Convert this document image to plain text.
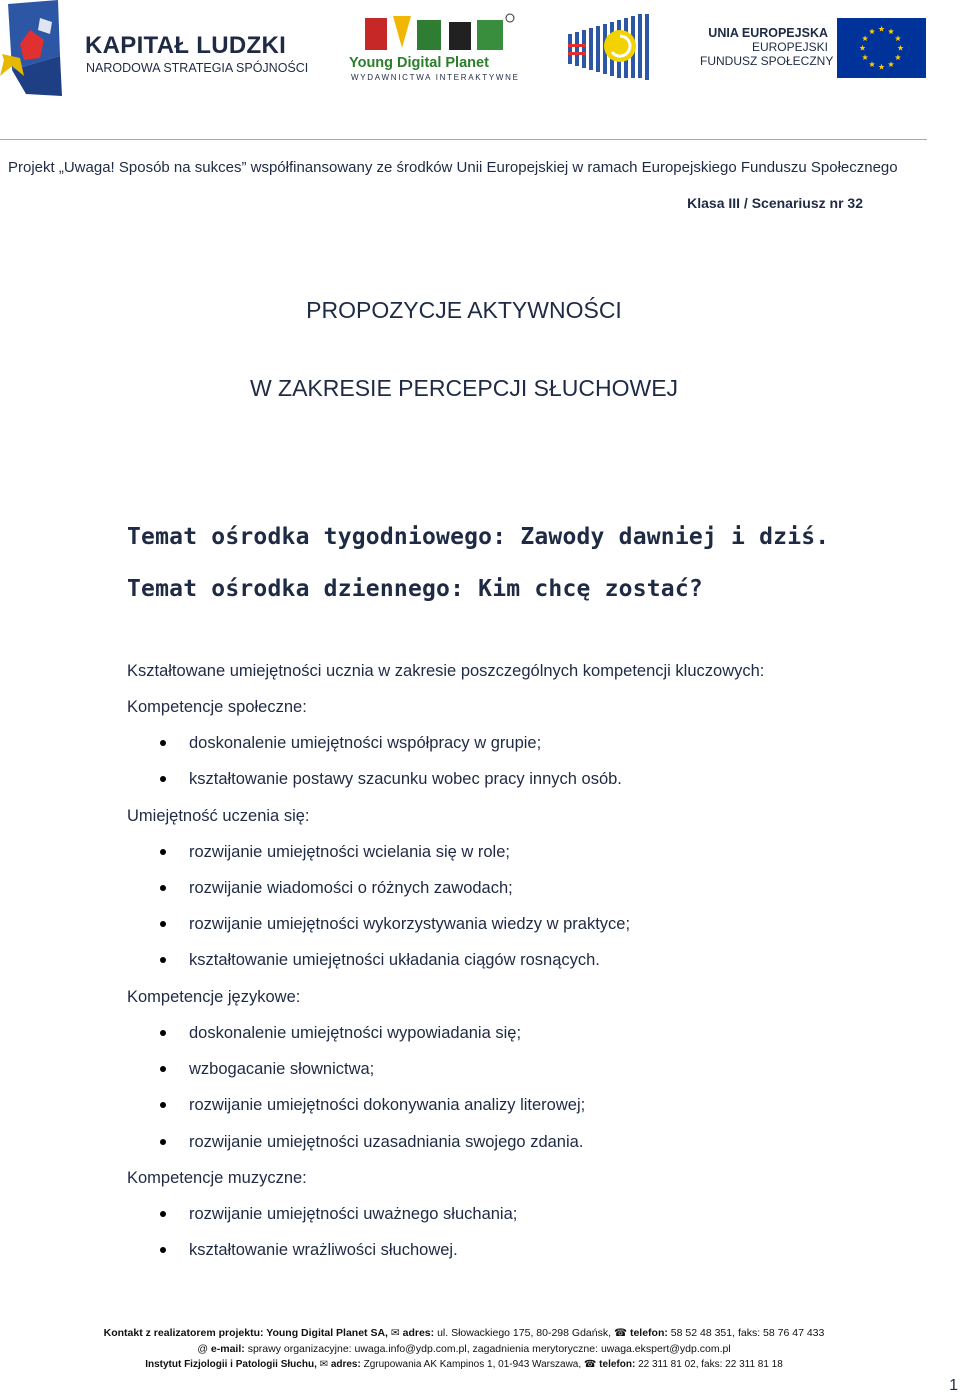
KAPITAŁ LUDZKI
NARODOWA STRATEGIA SPÓJNOŚCI	Young Digital Planet
WYDAWNICTWA INTERAKTYWNE
UNIA EUROPEJSKA
EUROPEJSKI
FUNDUSZ SPOŁECZNY
Projekt „Uwaga! Sposób na sukces” współfinansowany ze środków Unii Europejskiej w ramach Europejskiego Funduszu Społecznego
Klasa III / Scenariusz nr 32
PROPOZYCJE AKTYWNOŚCI
W ZAKRESIE PERCEPCJI SŁUCHOWEJ
Temat ośrodka tygodniowego: Zawody dawniej i dziś.
Temat ośrodka dziennego: Kim chcę zostać?
Kształtowane umiejętności ucznia w zakresie poszczególnych kompetencji kluczowych:
Kompetencje społeczne:
doskonalenie umiejętności współpracy w grupie;
kształtowanie postawy szacunku wobec pracy innych osób.
Umiejętność uczenia się:
rozwijanie umiejętności wcielania się w role;
rozwijanie wiadomości o różnych zawodach;
rozwijanie umiejętności wykorzystywania wiedzy w praktyce;
kształtowanie umiejętności układania ciągów rosnących.
Kompetencje językowe:
doskonalenie umiejętności wypowiadania się;
wzbogacanie słownictwa;
rozwijanie umiejętności dokonywania analizy literowej;
rozwijanie umiejętności uzasadniania swojego zdania.
Kompetencje muzyczne:
rozwijanie umiejętności uważnego słuchania;
kształtowanie wrażliwości słuchowej.
Kontakt z realizatorem projektu: Young Digital Planet SA, ✉ adres: ul. Słowackiego 175, 80-298 Gdańsk, ☎ telefon: 58 52 48 351, faks: 58 76 47 433
@ e-mail: sprawy organizacyjne: uwaga.info@ydp.com.pl, zagadnienia merytoryczne: uwaga.ekspert@ydp.com.pl
Instytut Fizjologii i Patologii Słuchu, ✉ adres: Zgrupowania AK Kampinos 1, 01-943 Warszawa, ☎ telefon: 22 311 81 02, faks: 22 311 81 18
1
